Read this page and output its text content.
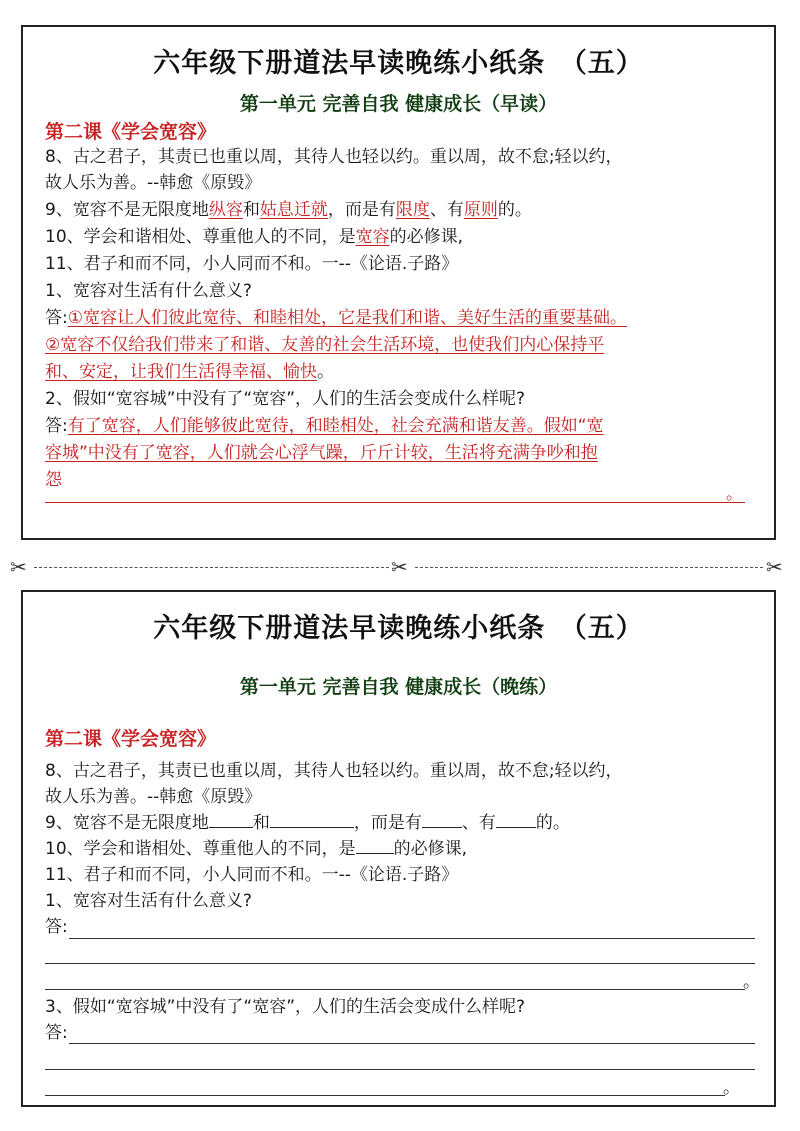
六年级下册道法早读晚练小纸条　（五）
第一单元 完善自我 健康成长（早读）
第二课《学会宽容》
8、古之君子，其责已也重以周，其待人也轻以约。重以周，故不怠;轻以约，
故人乐为善。--韩愈《原毁》
9、宽容不是无限度地纵容和姑息迁就，而是有限度、有原则的。
10、学会和谐相处、尊重他人的不同，是宽容的必修课,
11、君子和而不同，小人同而不和。一--《论语.子路》
1、宽容对生活有什么意义?
答:①宽容让人们彼此宽待、和睦相处，它是我们和谐、美好生活的重要基础。
②宽容不仅给我们带来了和谐、友善的社会生活环境，也使我们内心保持平
和、安定，让我们生活得幸福、愉快。
2、假如“宽容城”中没有了“宽容”，人们的生活会变成什么样呢?
答:有了宽容，人们能够彼此宽待，和睦相处，社会充满和谐友善。假如“宽
容城”中没有了宽容，人们就会心浮气躁，斤斤计较，生活将充满争吵和抱
怨
。
✂	✂	✂
六年级下册道法早读晚练小纸条　（五）
第一单元 完善自我 健康成长（晚练）
第二课《学会宽容》
8、古之君子，其责已也重以周，其待人也轻以约。重以周，故不怠;轻以约，
故人乐为善。--韩愈《原毁》
9、宽容不是无限度地	和	，而是有 、有 的。
10、学会和谐相处、尊重他人的不同，是 的必修课,
11、君子和而不同，小人同而不和。一--《论语.子路》
1、宽容对生活有什么意义?
答:
。
3、假如“宽容城”中没有了“宽容”，人们的生活会变成什么样呢?
答:
。
